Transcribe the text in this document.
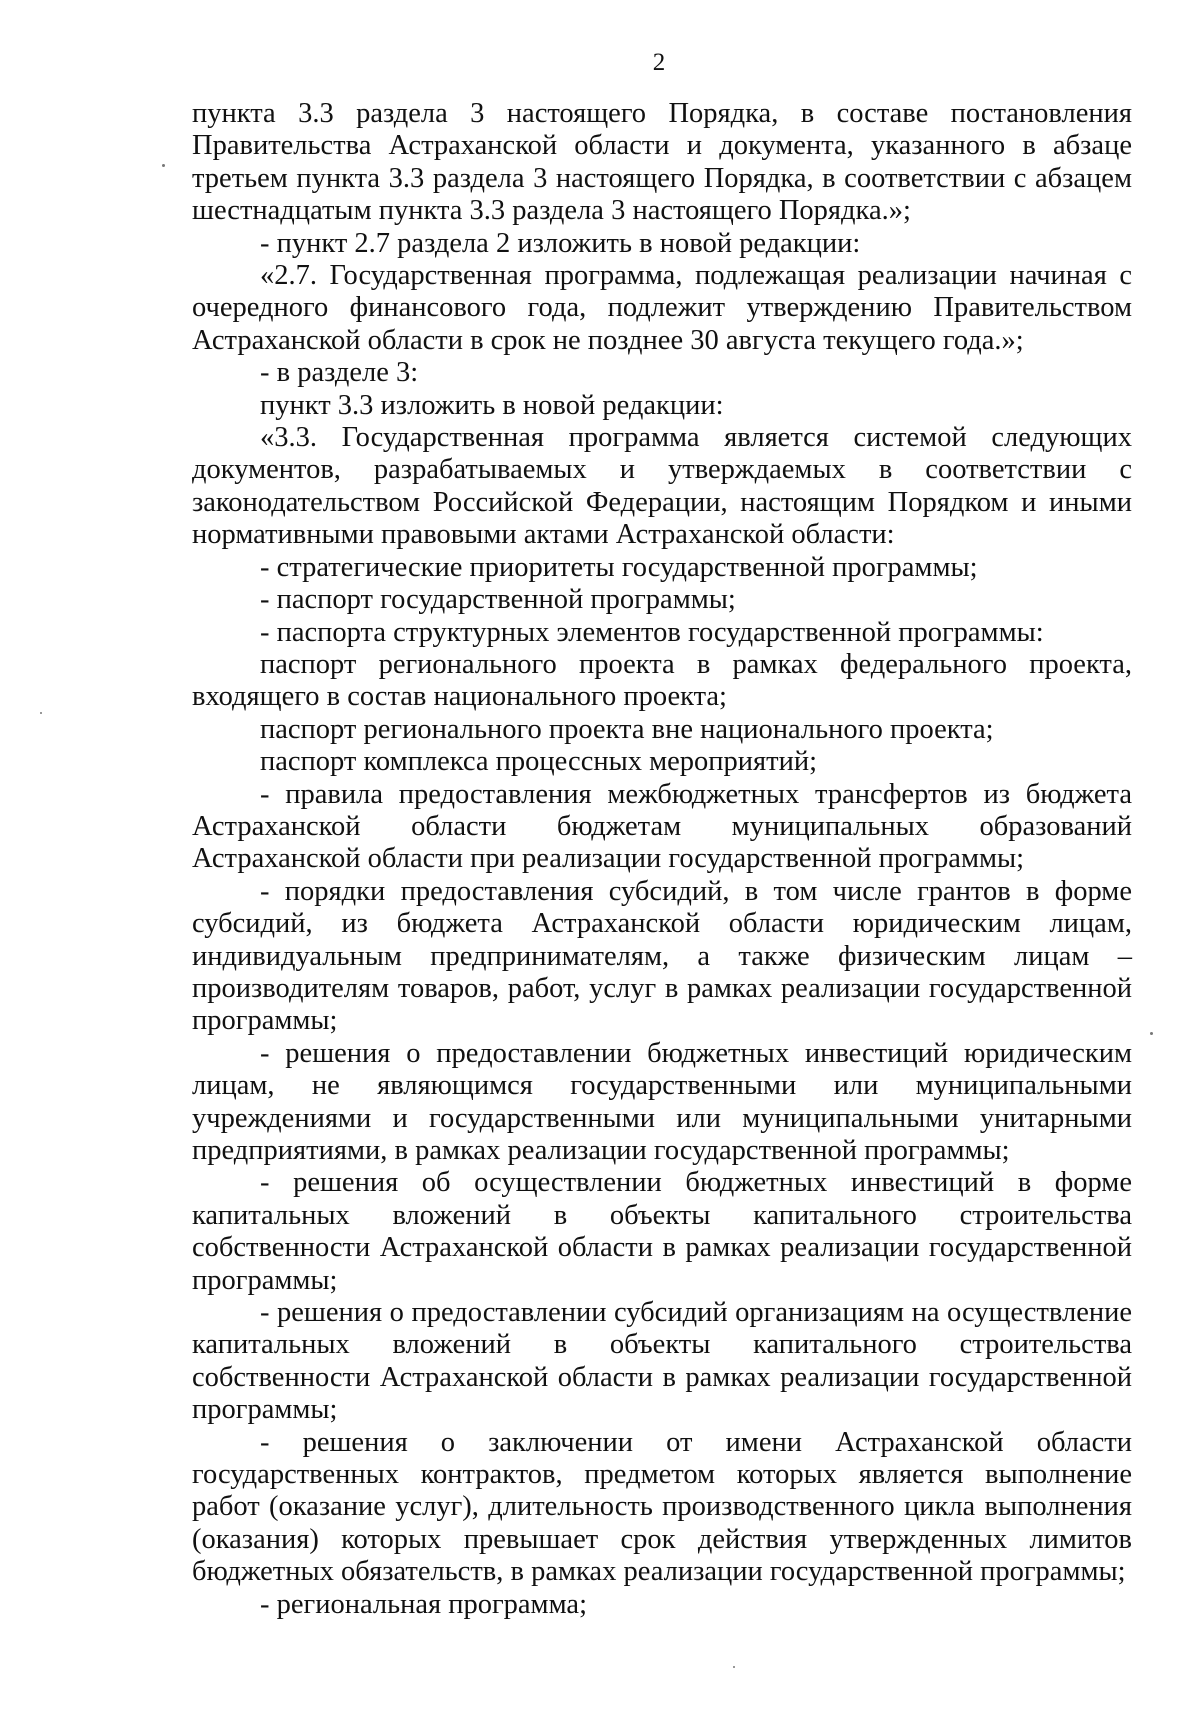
2

пункта 3.3 раздела 3 настоящего Порядка, в составе постановления Правительства Астраханской области и документа, указанного в абзаце третьем пункта 3.3 раздела 3 настоящего Порядка, в соответствии с абзацем шестнадцатым пункта 3.3 раздела 3 настоящего Порядка.»;

- пункт 2.7 раздела 2 изложить в новой редакции:

«2.7. Государственная программа, подлежащая реализации начиная с очередного финансового года, подлежит утверждению Правительством Астраханской области в срок не позднее 30 августа текущего года.»;

- в разделе 3:

пункт 3.3 изложить в новой редакции:

«3.3. Государственная программа является системой следующих документов, разрабатываемых и утверждаемых в соответствии с законодательством Российской Федерации, настоящим Порядком и иными нормативными правовыми актами Астраханской области:

- стратегические приоритеты государственной программы;

- паспорт государственной программы;

- паспорта структурных элементов государственной программы:

паспорт регионального проекта в рамках федерального проекта, входящего в состав национального проекта;

паспорт регионального проекта вне национального проекта;

паспорт комплекса процессных мероприятий;

- правила предоставления межбюджетных трансфертов из бюджета Астраханской области бюджетам муниципальных образований Астраханской области при реализации государственной программы;

- порядки предоставления субсидий, в том числе грантов в форме субсидий, из бюджета Астраханской области юридическим лицам, индивидуальным предпринимателям, а также физическим лицам – производителям товаров, работ, услуг в рамках реализации государственной программы;

- решения о предоставлении бюджетных инвестиций юридическим лицам, не являющимся государственными или муниципальными учреждениями и государственными или муниципальными унитарными предприятиями, в рамках реализации государственной программы;

- решения об осуществлении бюджетных инвестиций в форме капитальных вложений в объекты капитального строительства собственности Астраханской области в рамках реализации государственной программы;

- решения о предоставлении субсидий организациям на осуществление капитальных вложений в объекты капитального строительства собственности Астраханской области в рамках реализации государственной программы;

- решения о заключении от имени Астраханской области государственных контрактов, предметом которых является выполнение работ (оказание услуг), длительность производственного цикла выполнения (оказания) которых превышает срок действия утвержденных лимитов бюджетных обязательств, в рамках реализации государственной программы;

- региональная программа;
